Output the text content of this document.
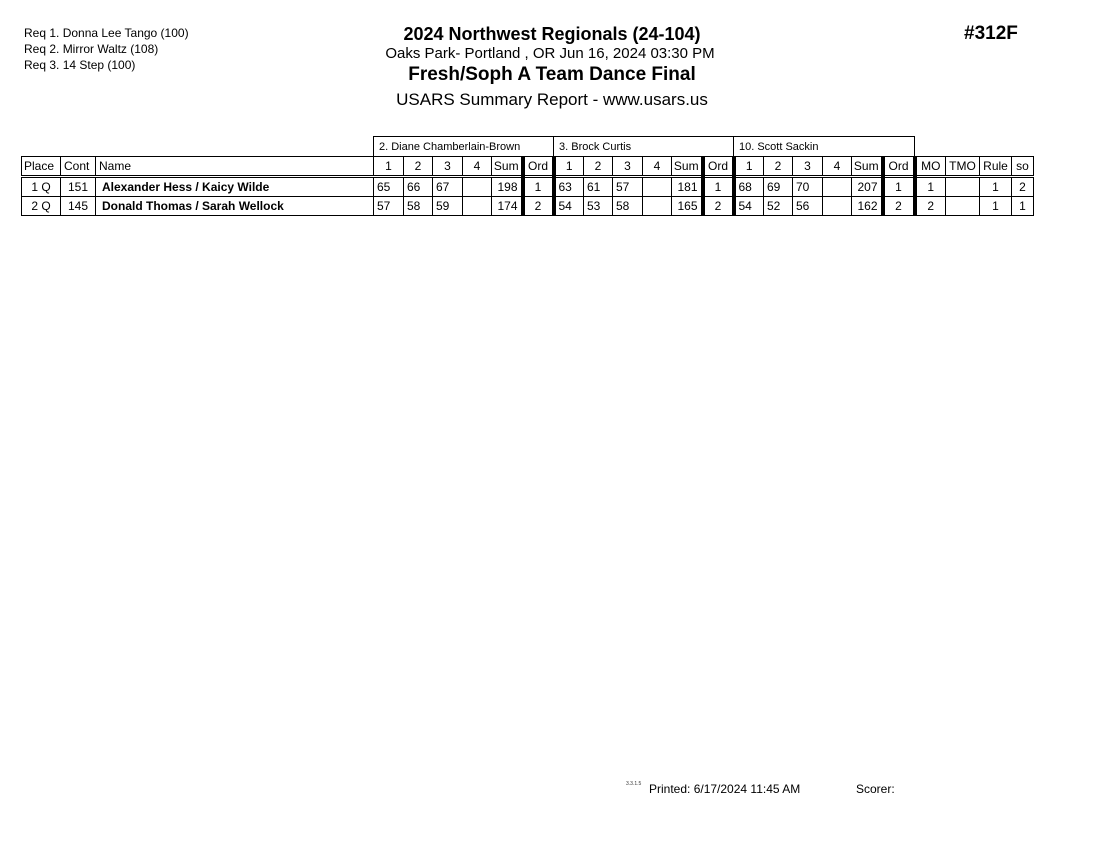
Req 1. Donna Lee Tango (100)
Req 2. Mirror Waltz (108)
Req 3. 14 Step (100)
2024 Northwest Regionals (24-104)
Oaks Park- Portland , OR Jun 16, 2024 03:30 PM
Fresh/Soph A Team Dance Final
USARS Summary Report - www.usars.us
#312F
			2. Diane Chamberlain-Brown						3. Brock Curtis						10. Scott Sackin									
Place	Cont	Name	1	2	3	4	Sum	Ord	1	2	3	4	Sum	Ord	1	2	3	4	Sum	Ord	MO	TMO	Rule	so
1 Q	151	Alexander Hess / Kaicy Wilde	65	66	67		198	1	63	61	57		181	1	68	69	70		207	1	1		1	2
2 Q	145	Donald Thomas / Sarah Wellock	57	58	59		174	2	54	53	58		165	2	54	52	56		162	2	2		1	1
3.3.1.5 Printed: 6/17/2024 11:45 AM	Scorer:
